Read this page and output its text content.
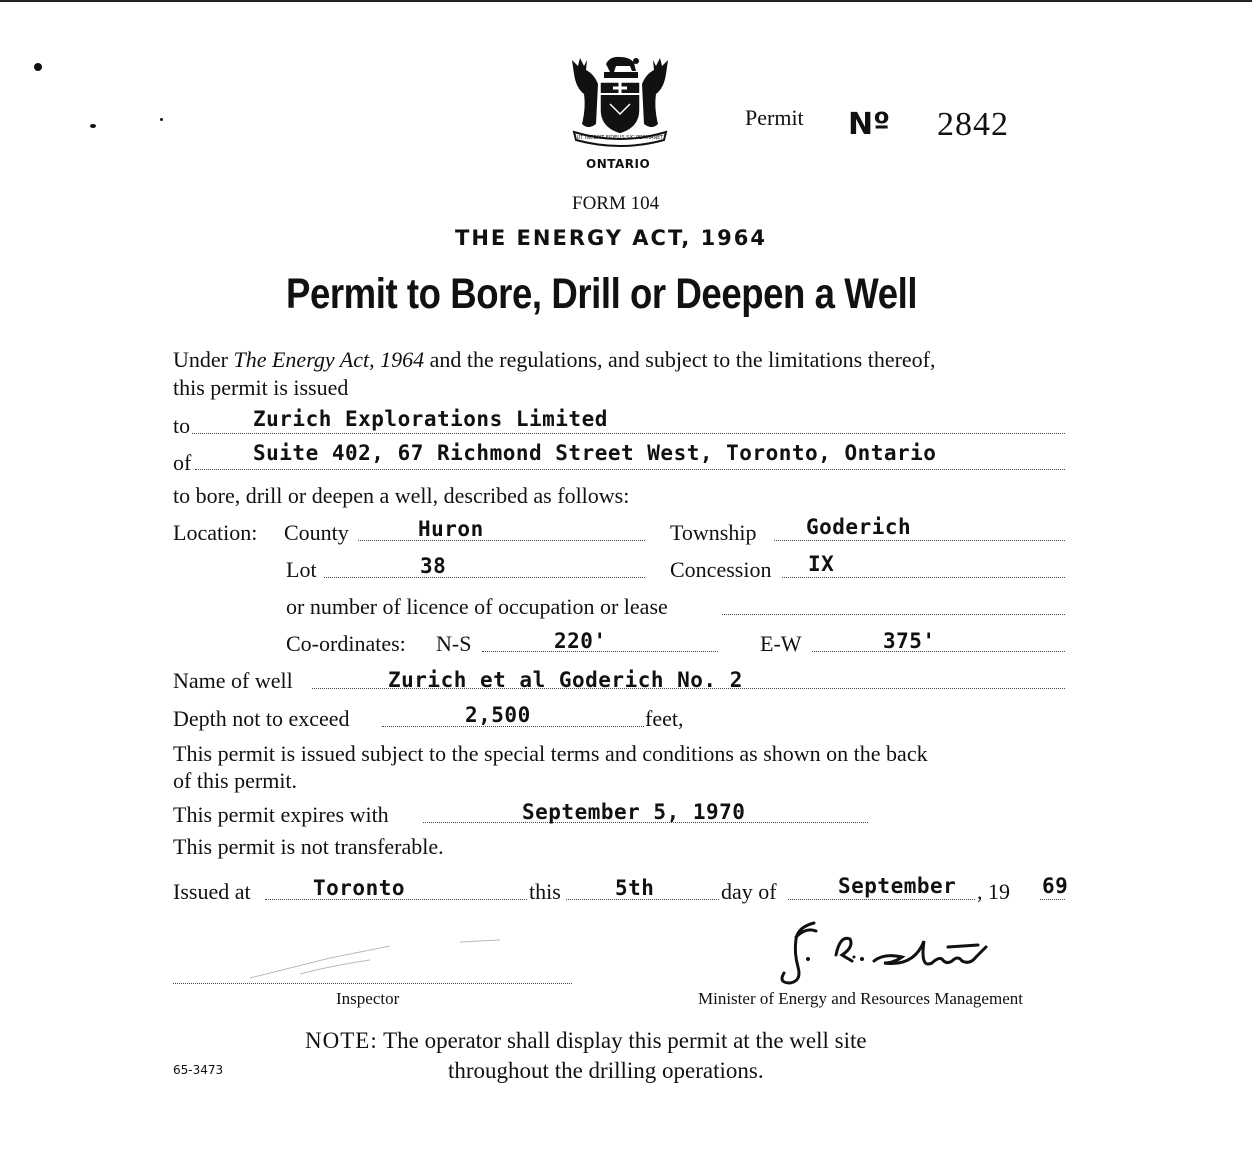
UT INCEPIT FIDELIS SIC PERMANET
ONTARIO
Permit Nº 2842
FORM 104
THE ENERGY ACT, 1964
Permit to Bore, Drill or Deepen a Well
Under The Energy Act, 1964 and the regulations, and subject to the limitations thereof,
this permit is issued
to	Zurich Explorations Limited
of	Suite 402, 67 Richmond Street West, Toronto, Ontario
to bore, drill or deepen a well, described as follows:
Location: County	Huron	Township Goderich
Lot	38	Concession IX
or number of licence of occupation or lease
Co-ordinates: N-S	220'	E-W	375'
Name of well	Zurich et al Goderich No. 2
Depth not to exceed	2,500	feet,
This permit is issued subject to the special terms and conditions as shown on the back
of this permit.
This permit expires with	September 5, 1970
This permit is not transferable.
Issued at	Toronto	this	5th	day of	September , 19 69
Inspector	Minister of Energy and Resources Management
NOTE: The operator shall display this permit at the well site
throughout the drilling operations.
65-3473
